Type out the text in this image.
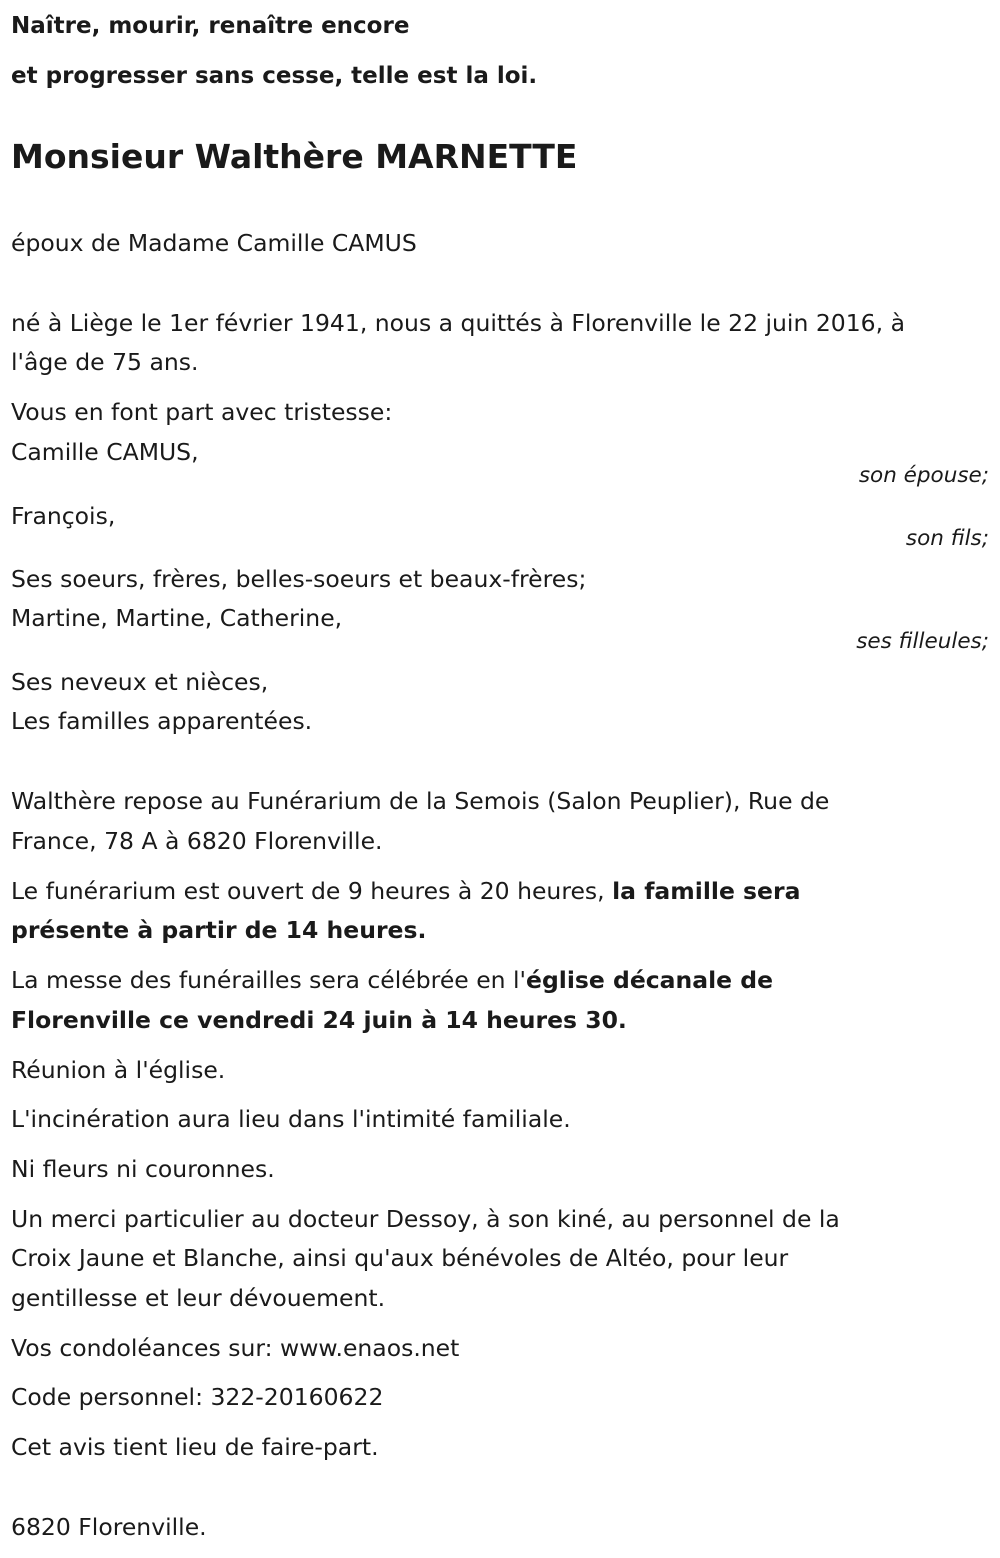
Naître, mourir, renaître encore
et progresser sans cesse, telle est la loi.
Monsieur Walthère MARNETTE
époux de Madame Camille CAMUS
né à Liège le 1er février 1941, nous a quittés à Florenville le 22 juin 2016, à
l'âge de 75 ans.
Vous en font part avec tristesse:
Camille CAMUS,
son épouse;
François,
son fils;
Ses soeurs, frères, belles-soeurs et beaux-frères;
Martine, Martine, Catherine,
ses filleules;
Ses neveux et nièces,
Les familles apparentées.
Walthère repose au Funérarium de la Semois (Salon Peuplier), Rue de
France, 78 A à 6820 Florenville.
Le funérarium est ouvert de 9 heures à 20 heures, la famille sera
présente à partir de 14 heures.
La messe des funérailles sera célébrée en l'église décanale de
Florenville ce vendredi 24 juin à 14 heures 30.
Réunion à l'église.
L'incinération aura lieu dans l'intimité familiale.
Ni fleurs ni couronnes.
Un merci particulier au docteur Dessoy, à son kiné, au personnel de la
Croix Jaune et Blanche, ainsi qu'aux bénévoles de Altéo, pour leur
gentillesse et leur dévouement.
Vos condoléances sur: www.enaos.net
Code personnel: 322-20160622
Cet avis tient lieu de faire-part.
6820 Florenville.
